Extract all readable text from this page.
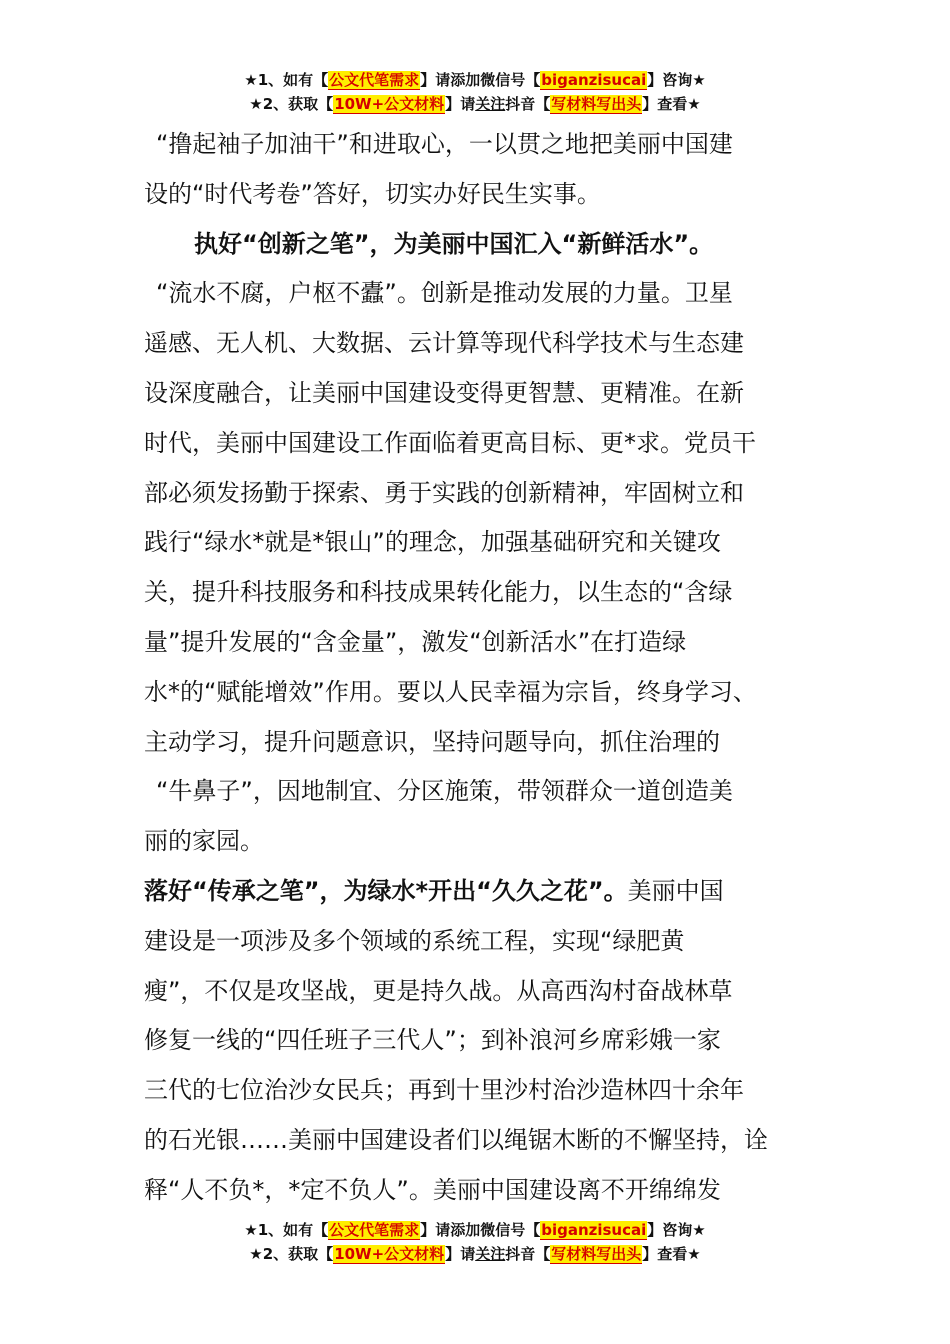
★1、如有【公文代笔需求】请添加微信号【biganzisucai】咨询★
★2、获取【10W+公文材料】请关注抖音【写材料写出头】查看★
“撸起袖子加油干”和进取心，一以贯之地把美丽中国建
设的“时代考卷”答好，切实办好民生实事。
执好“创新之笔”，为美丽中国汇入“新鲜活水”。
“流水不腐，户枢不蠹”。创新是推动发展的力量。卫星
遥感、无人机、大数据、云计算等现代科学技术与生态建
设深度融合，让美丽中国建设变得更智慧、更精准。在新
时代，美丽中国建设工作面临着更高目标、更*求。党员干
部必须发扬勤于探索、勇于实践的创新精神，牢固树立和
践行“绿水*就是*银山”的理念，加强基础研究和关键攻
关，提升科技服务和科技成果转化能力，以生态的“含绿
量”提升发展的“含金量”，激发“创新活水”在打造绿
水*的“赋能增效”作用。要以人民幸福为宗旨，终身学习、
主动学习，提升问题意识，坚持问题导向，抓住治理的
“牛鼻子”，因地制宜、分区施策，带领群众一道创造美
丽的家园。
落好“传承之笔”，为绿水*开出“久久之花”。美丽中国
建设是一项涉及多个领域的系统工程，实现“绿肥黄
瘦”，不仅是攻坚战，更是持久战。从高西沟村奋战林草
修复一线的“四任班子三代人”；到补浪河乡席彩娥一家
三代的七位治沙女民兵；再到十里沙村治沙造林四十余年
的石光银……美丽中国建设者们以绳锯木断的不懈坚持，诠
释“人不负*，*定不负人”。美丽中国建设离不开绵绵发
★1、如有【公文代笔需求】请添加微信号【biganzisucai】咨询★
★2、获取【10W+公文材料】请关注抖音【写材料写出头】查看★
